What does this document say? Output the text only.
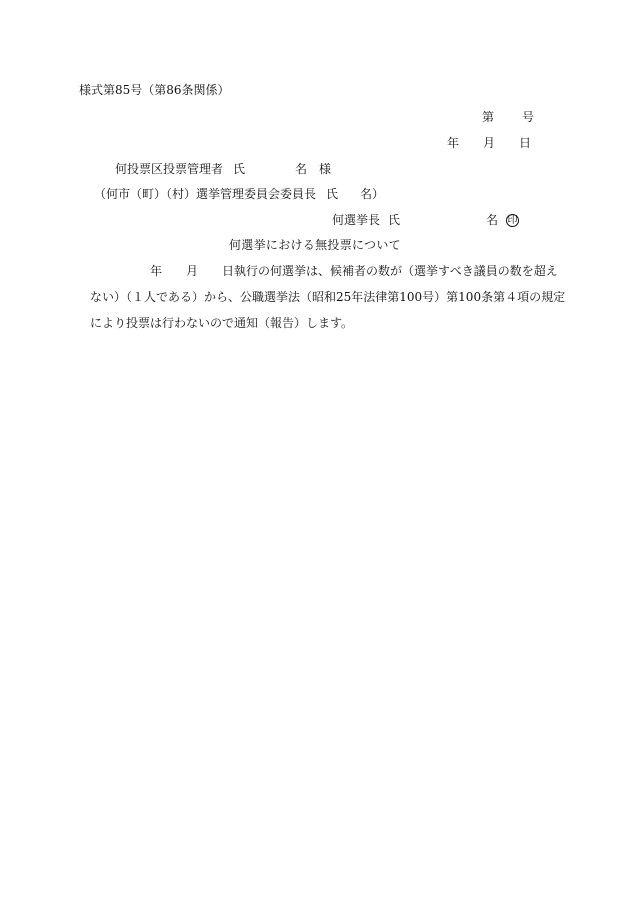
様式第85号（第86条関係）
第 号
年 月 日
何投票区投票管理者 氏	名 様
（何市（町）（村）選挙管理委員会委員長 氏 名）
何選挙長 氏	名 印
何選挙における無投票について
年 月 日執行の何選挙は、候補者の数が（選挙すべき議員の数を超え
ない）（１人である）から、公職選挙法（昭和25年法律第100号）第100条第４項の規定
により投票は行わないので通知（報告）します。
